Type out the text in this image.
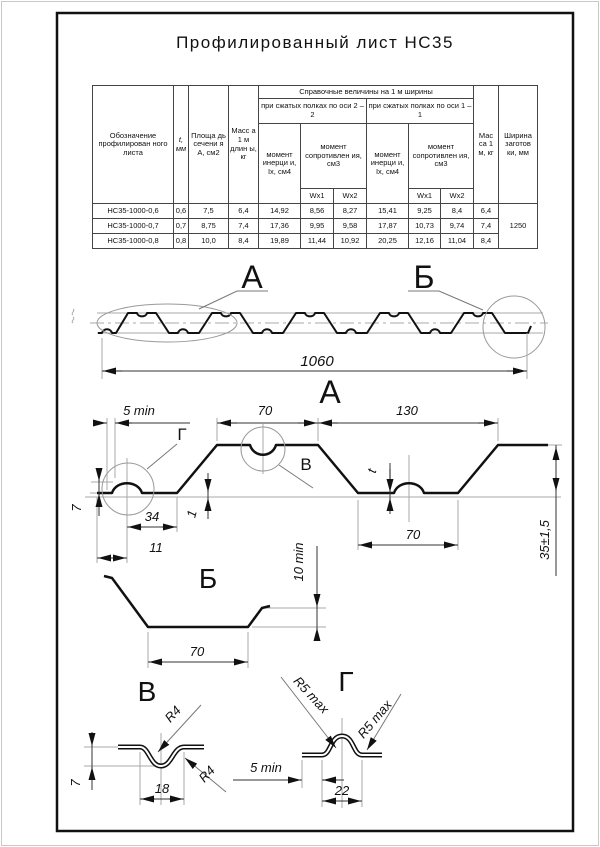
Профилированный лист НС35
Обозначение профилирован ного листа	t, мм	Площа дь сечени я А, см2	Масс а 1 м длин ы, кг	Справочные величины на 1 м ширины						Мас са 1 м, кг	Ширина заготов ки, мм
				при сжатых полках по оси 2 – 2			при сжатых полках по оси 1 – 1				
				момент инерци и, Iх, см4	момент сопротивлен ия, см3		момент инерци и, Iх, см4	момент сопротивлен ия, см3			
					Wx1	Wx2		Wx1	Wx2		
НС35-1000-0,6	0,6	7,5	6,4	14,92	8,56	8,27	15,41	9,25	8,4	6,4	1250
НС35-1000-0,7	0,7	8,75	7,4	17,36	9,95	9,58	17,87	10,73	9,74	7,4	
НС35-1000-0,8	0,8	10,0	8,4	19,89	11,44	10,92	20,25	12,16	11,04	8,4	
А	Б
1060
А
Г
В
5 min	70	130
7
34
11
1
t
70	35±1,5
Б
70
10 min
В
R4
R4
7	18
Г
R5 max
R5 max
5 min
22
